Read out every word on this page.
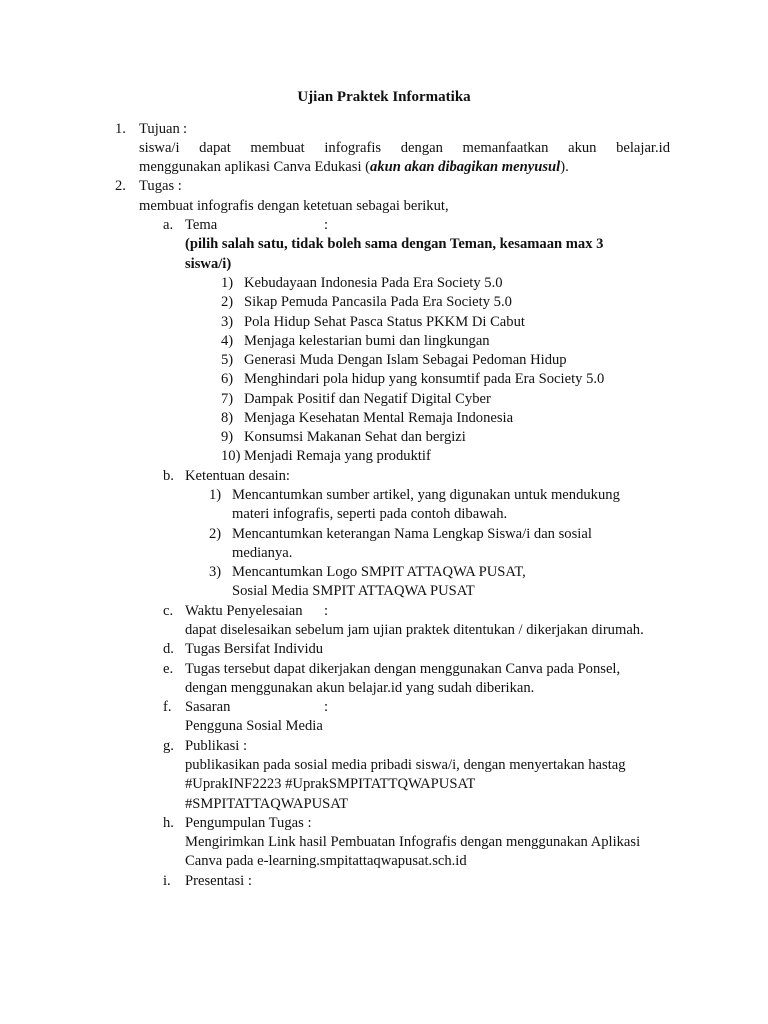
Ujian Praktek Informatika
1. Tujuan :
siswa/i dapat membuat infografis dengan memanfaatkan akun belajar.id
menggunakan aplikasi Canva Edukasi (akun akan dibagikan menyusul).
2. Tugas :
membuat infografis dengan ketetuan sebagai berikut,
a. Tema	:
(pilih salah satu, tidak boleh sama dengan Teman, kesamaan max 3
siswa/i)
1) Kebudayaan Indonesia Pada Era Society 5.0
2) Sikap Pemuda Pancasila Pada Era Society 5.0
3) Pola Hidup Sehat Pasca Status PKKM Di Cabut
4) Menjaga kelestarian bumi dan lingkungan
5) Generasi Muda Dengan Islam Sebagai Pedoman Hidup
6) Menghindari pola hidup yang konsumtif pada Era Society 5.0
7) Dampak Positif dan Negatif Digital Cyber
8) Menjaga Kesehatan Mental Remaja Indonesia
9) Konsumsi Makanan Sehat dan bergizi
10) Menjadi Remaja yang produktif
b. Ketentuan desain:
1) Mencantumkan sumber artikel, yang digunakan untuk mendukung
materi infografis, seperti pada contoh dibawah.
2) Mencantumkan keterangan Nama Lengkap Siswa/i dan sosial
medianya.
3) Mencantumkan Logo SMPIT ATTAQWA PUSAT,
Sosial Media SMPIT ATTAQWA PUSAT
c. Waktu Penyelesaian :
dapat diselesaikan sebelum jam ujian praktek ditentukan / dikerjakan dirumah.
d. Tugas Bersifat Individu
e. Tugas tersebut dapat dikerjakan dengan menggunakan Canva pada Ponsel,
dengan menggunakan akun belajar.id yang sudah diberikan.
f. Sasaran	:
Pengguna Sosial Media
g. Publikasi :
publikasikan pada sosial media pribadi siswa/i, dengan menyertakan hastag
#UprakINF2223 #UprakSMPITATTQWAPUSAT
#SMPITATTAQWAPUSAT
h. Pengumpulan Tugas :
Mengirimkan Link hasil Pembuatan Infografis dengan menggunakan Aplikasi
Canva pada e-learning.smpitattaqwapusat.sch.id
i. Presentasi :
